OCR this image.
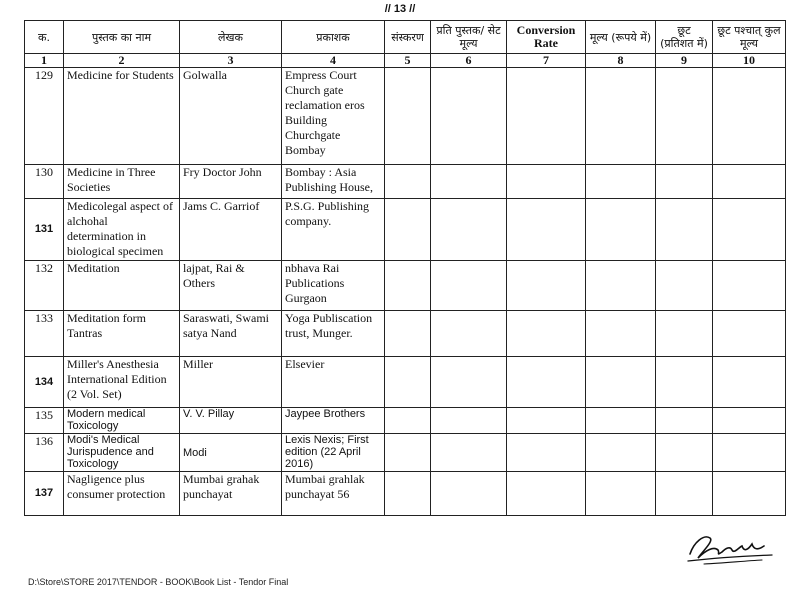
// 13 //
क.	पुस्तक का नाम	लेखक	प्रकाशक	संस्करण	प्रति पुस्तक/ सेट मूल्य	Conversion Rate	मूल्य (रूपये में)	छूट (प्रतिशत में)	छूट पश्चात् कुल मूल्य
1	2	3	4	5	6	7	8	9	10
129	Medicine for Students	Golwalla	Empress Court Church gate reclamation eros Building Churchgate Bombay						
130	Medicine in Three Societies	Fry Doctor John	Bombay : Asia Publishing House,						
131	Medicolegal aspect of alchohal determination in biological specimen	Jams C. Garriof	P.S.G. Publishing company.						
132	Meditation	lajpat, Rai & Others	nbhava Rai Publications Gurgaon						
133	Meditation form Tantras	Saraswati, Swami satya Nand	Yoga Publiscation trust, Munger.						
134	Miller's Anesthesia International Edition (2 Vol. Set)	Miller	Elsevier						
135	Modern medical Toxicology	V. V. Pillay	Jaypee Brothers						
136	Modi's Medical Jurispudence and Toxicology	Modi	Lexis Nexis; First edition (22 April 2016)						
137	Nagligence plus consumer protection	Mumbai grahak punchayat	Mumbai grahlak punchayat 56						
D:\Store\STORE 2017\TENDOR - BOOK\Book List - Tendor Final
